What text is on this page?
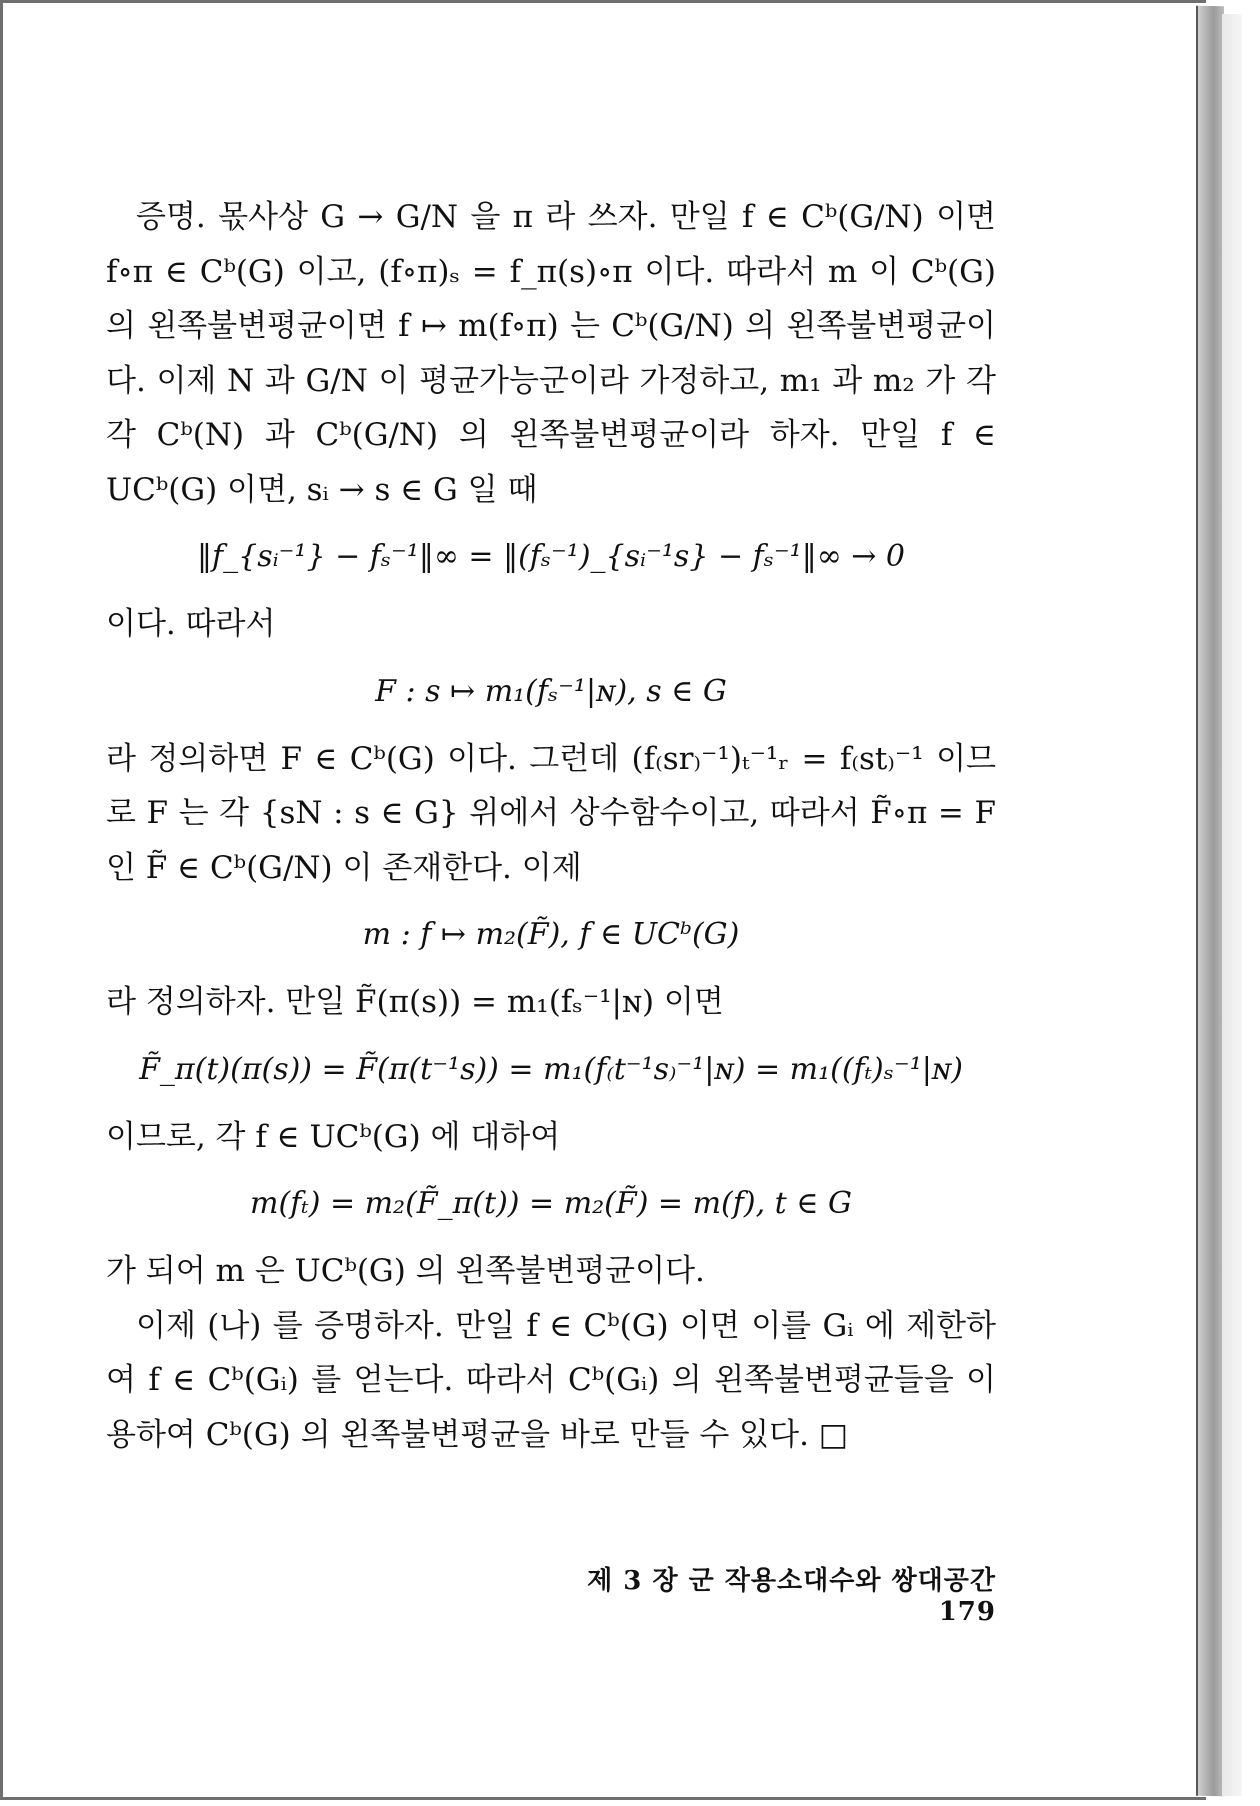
증명. 몫사상 G → G/N 을 π 라 쓰자. 만일 f ∈ Cᵇ(G/N) 이면 f∘π ∈ Cᵇ(G) 이고, (f∘π)ₛ = f_π(s)∘π 이다. 따라서 m 이 Cᵇ(G) 의 왼쪽불변평균이면 f ↦ m(f∘π) 는 Cᵇ(G/N) 의 왼쪽불변평균이다. 이제 N 과 G/N 이 평균가능군이라 가정하고, m₁ 과 m₂ 가 각각 Cᵇ(N) 과 Cᵇ(G/N) 의 왼쪽불변평균이라 하자. 만일 f ∈ UCᵇ(G) 이면, sᵢ → s ∈ G 일 때

‖f_{sᵢ⁻¹} − fₛ⁻¹‖∞ = ‖(fₛ⁻¹)_{sᵢ⁻¹s} − fₛ⁻¹‖∞ → 0

이다. 따라서

F : s ↦ m₁(fₛ⁻¹|ɴ), s ∈ G

라 정의하면 F ∈ Cᵇ(G) 이다. 그런데 (f₍sr₎⁻¹)ₜ⁻¹ᵣ = f₍st₎⁻¹ 이므로 F 는 각 {sN : s ∈ G} 위에서 상수함수이고, 따라서 F̃∘π = F 인 F̃ ∈ Cᵇ(G/N) 이 존재한다. 이제

m : f ↦ m₂(F̃), f ∈ UCᵇ(G)

라 정의하자. 만일 F̃(π(s)) = m₁(fₛ⁻¹|ɴ) 이면

F̃_π(t)(π(s)) = F̃(π(t⁻¹s)) = m₁(f₍t⁻¹s₎⁻¹|ɴ) = m₁((fₜ)ₛ⁻¹|ɴ)

이므로, 각 f ∈ UCᵇ(G) 에 대하여

m(fₜ) = m₂(F̃_π(t)) = m₂(F̃) = m(f), t ∈ G

가 되어 m 은 UCᵇ(G) 의 왼쪽불변평균이다.

이제 (나) 를 증명하자. 만일 f ∈ Cᵇ(G) 이면 이를 Gᵢ 에 제한하여 f ∈ Cᵇ(Gᵢ) 를 얻는다. 따라서 Cᵇ(Gᵢ) 의 왼쪽불변평균들을 이용하여 Cᵇ(G) 의 왼쪽불변평균을 바로 만들 수 있다. □

제 3 장 군 작용소대수와 쌍대공간 179
